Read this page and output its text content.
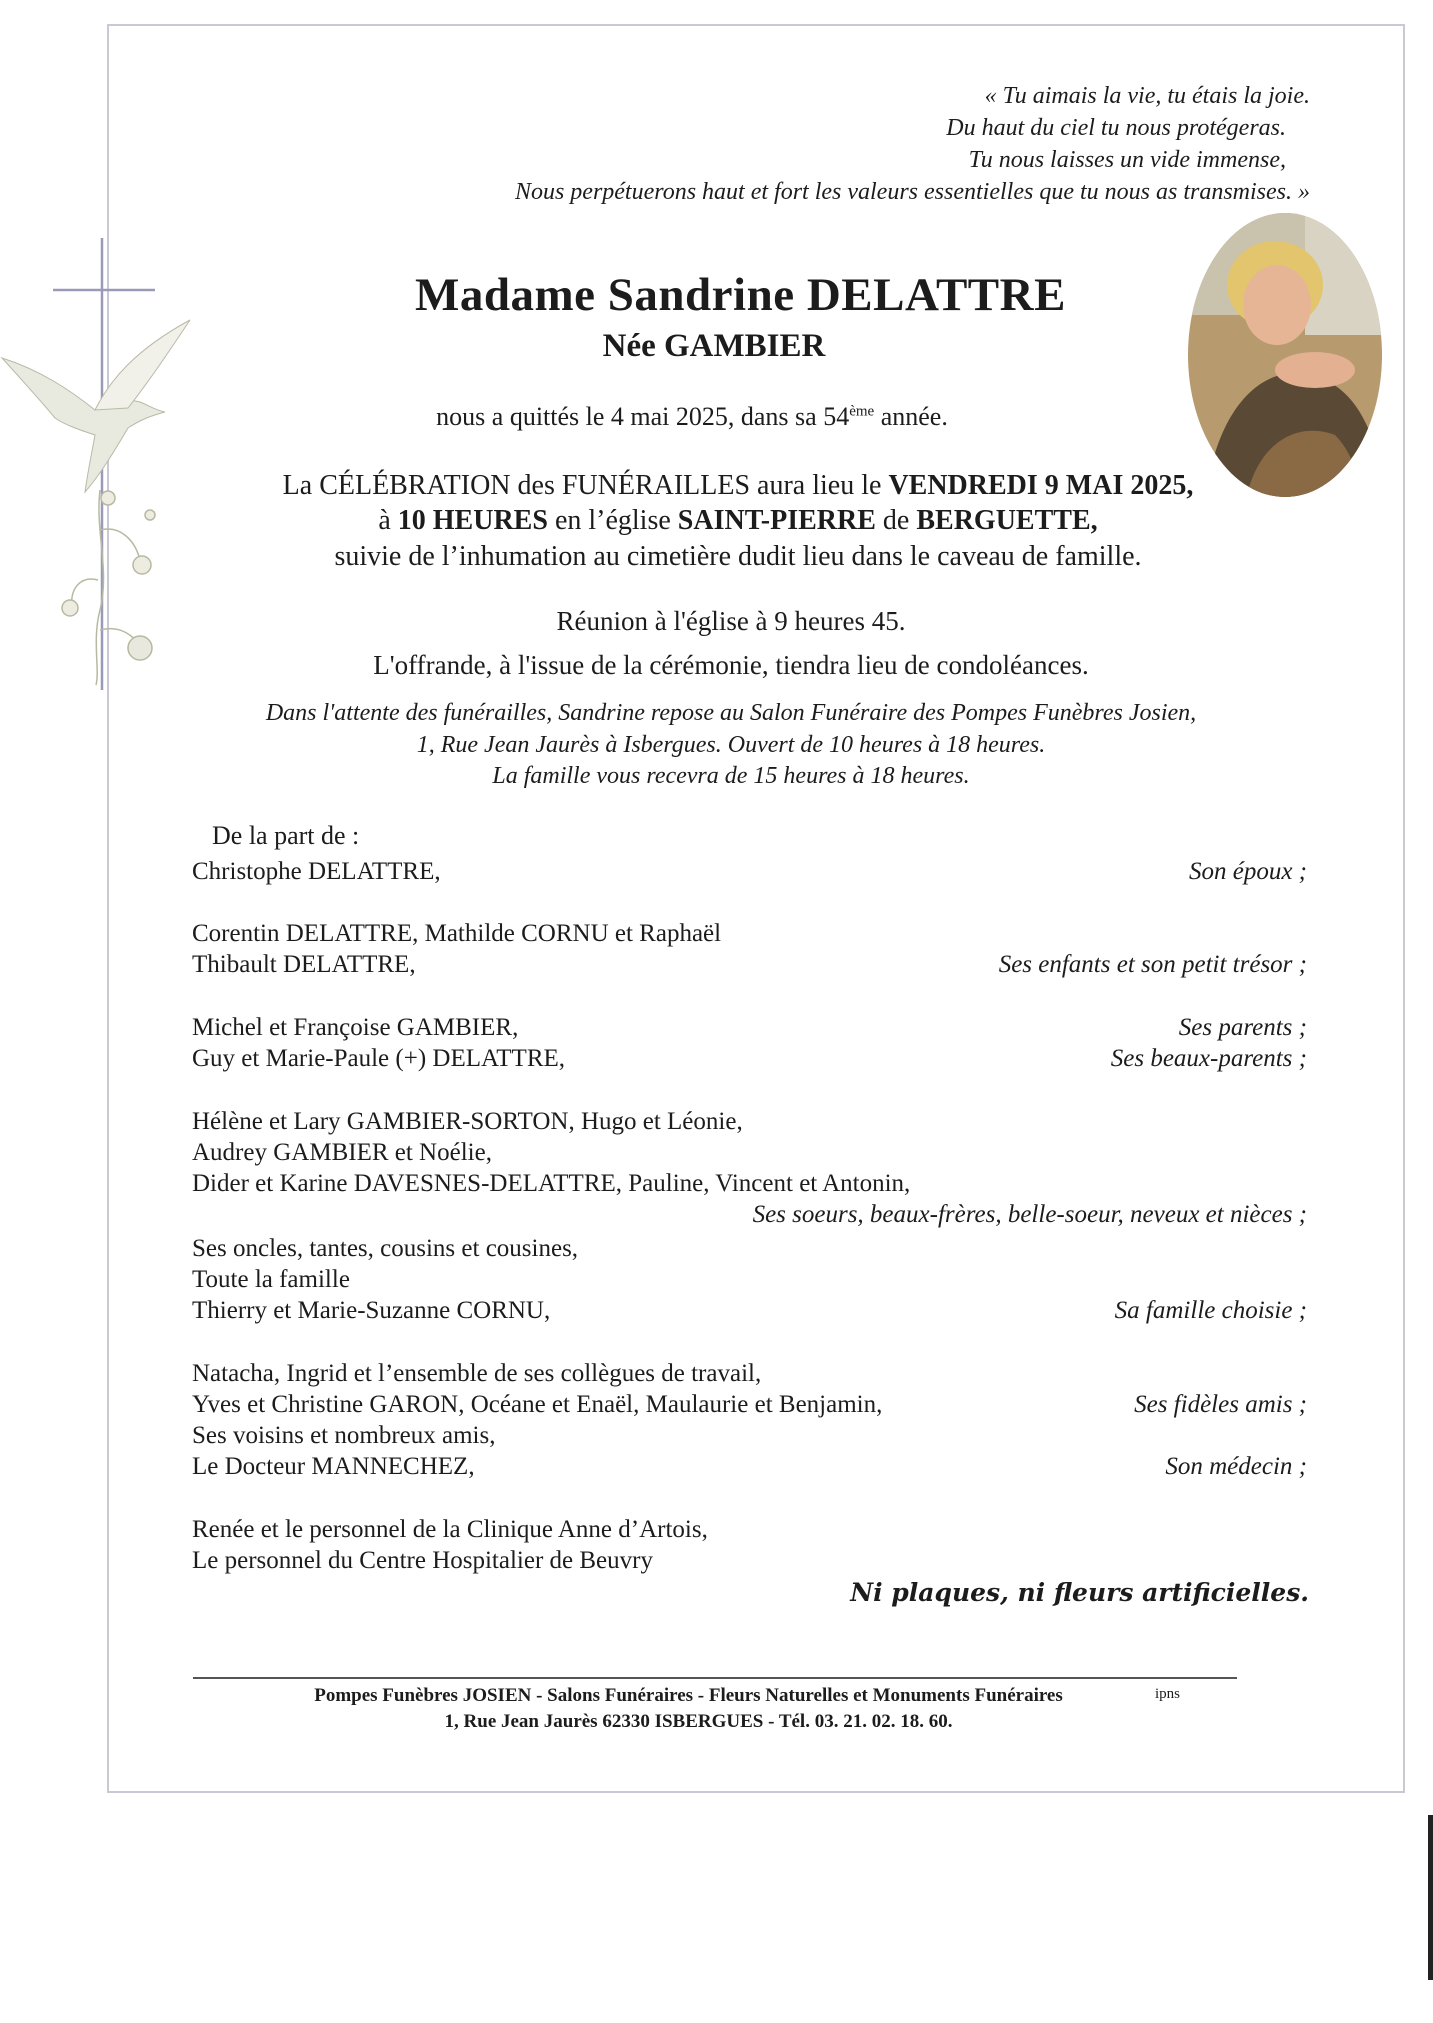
« Tu aimais la vie, tu étais la joie.
Du haut du ciel tu nous protégeras.
Tu nous laisses un vide immense,
Nous perpétuerons haut et fort les valeurs essentielles que tu nous as transmises. »
Madame Sandrine DELATTRE
Née GAMBIER
nous a quittés le 4 mai 2025, dans sa 54ème année.
La CÉLÉBRATION des FUNÉRAILLES aura lieu le VENDREDI 9 MAI 2025,
à 10 HEURES en l’église SAINT-PIERRE de BERGUETTE,
suivie de l’inhumation au cimetière dudit lieu dans le caveau de famille.
Réunion à l'église à 9 heures 45.
L'offrande, à l'issue de la cérémonie, tiendra lieu de condoléances.
Dans l'attente des funérailles, Sandrine repose au Salon Funéraire des Pompes Funèbres Josien,
1, Rue Jean Jaurès à Isbergues. Ouvert de 10 heures à 18 heures.
La famille vous recevra de 15 heures à 18 heures.
De la part de :
Christophe DELATTRE,	Son époux ;
Corentin DELATTRE, Mathilde CORNU et Raphaël
Thibault DELATTRE,	Ses enfants et son petit trésor ;
Michel et Françoise GAMBIER,	Ses parents ;
Guy et Marie-Paule (+) DELATTRE,	Ses beaux-parents ;
Hélène et Lary GAMBIER-SORTON, Hugo et Léonie,
Audrey GAMBIER et Noélie,
Dider et Karine DAVESNES-DELATTRE, Pauline, Vincent et Antonin,
Ses soeurs, beaux-frères, belle-soeur, neveux et nièces ;
Ses oncles, tantes, cousins et cousines,
Toute la famille
Thierry et Marie-Suzanne CORNU,	Sa famille choisie ;
Natacha, Ingrid et l’ensemble de ses collègues de travail,
Yves et Christine GARON, Océane et Enaël, Maulaurie et Benjamin,	Ses fidèles amis ;
Ses voisins et nombreux amis,
Le Docteur MANNECHEZ,	Son médecin ;
Renée et le personnel de la Clinique Anne d’Artois,
Le personnel du Centre Hospitalier de Beuvry
Ni plaques, ni fleurs artificielles.
Pompes Funèbres JOSIEN - Salons Funéraires - Fleurs Naturelles et Monuments Funéraires
1, Rue Jean Jaurès 62330 ISBERGUES - Tél. 03. 21. 02. 18. 60.
ipns
